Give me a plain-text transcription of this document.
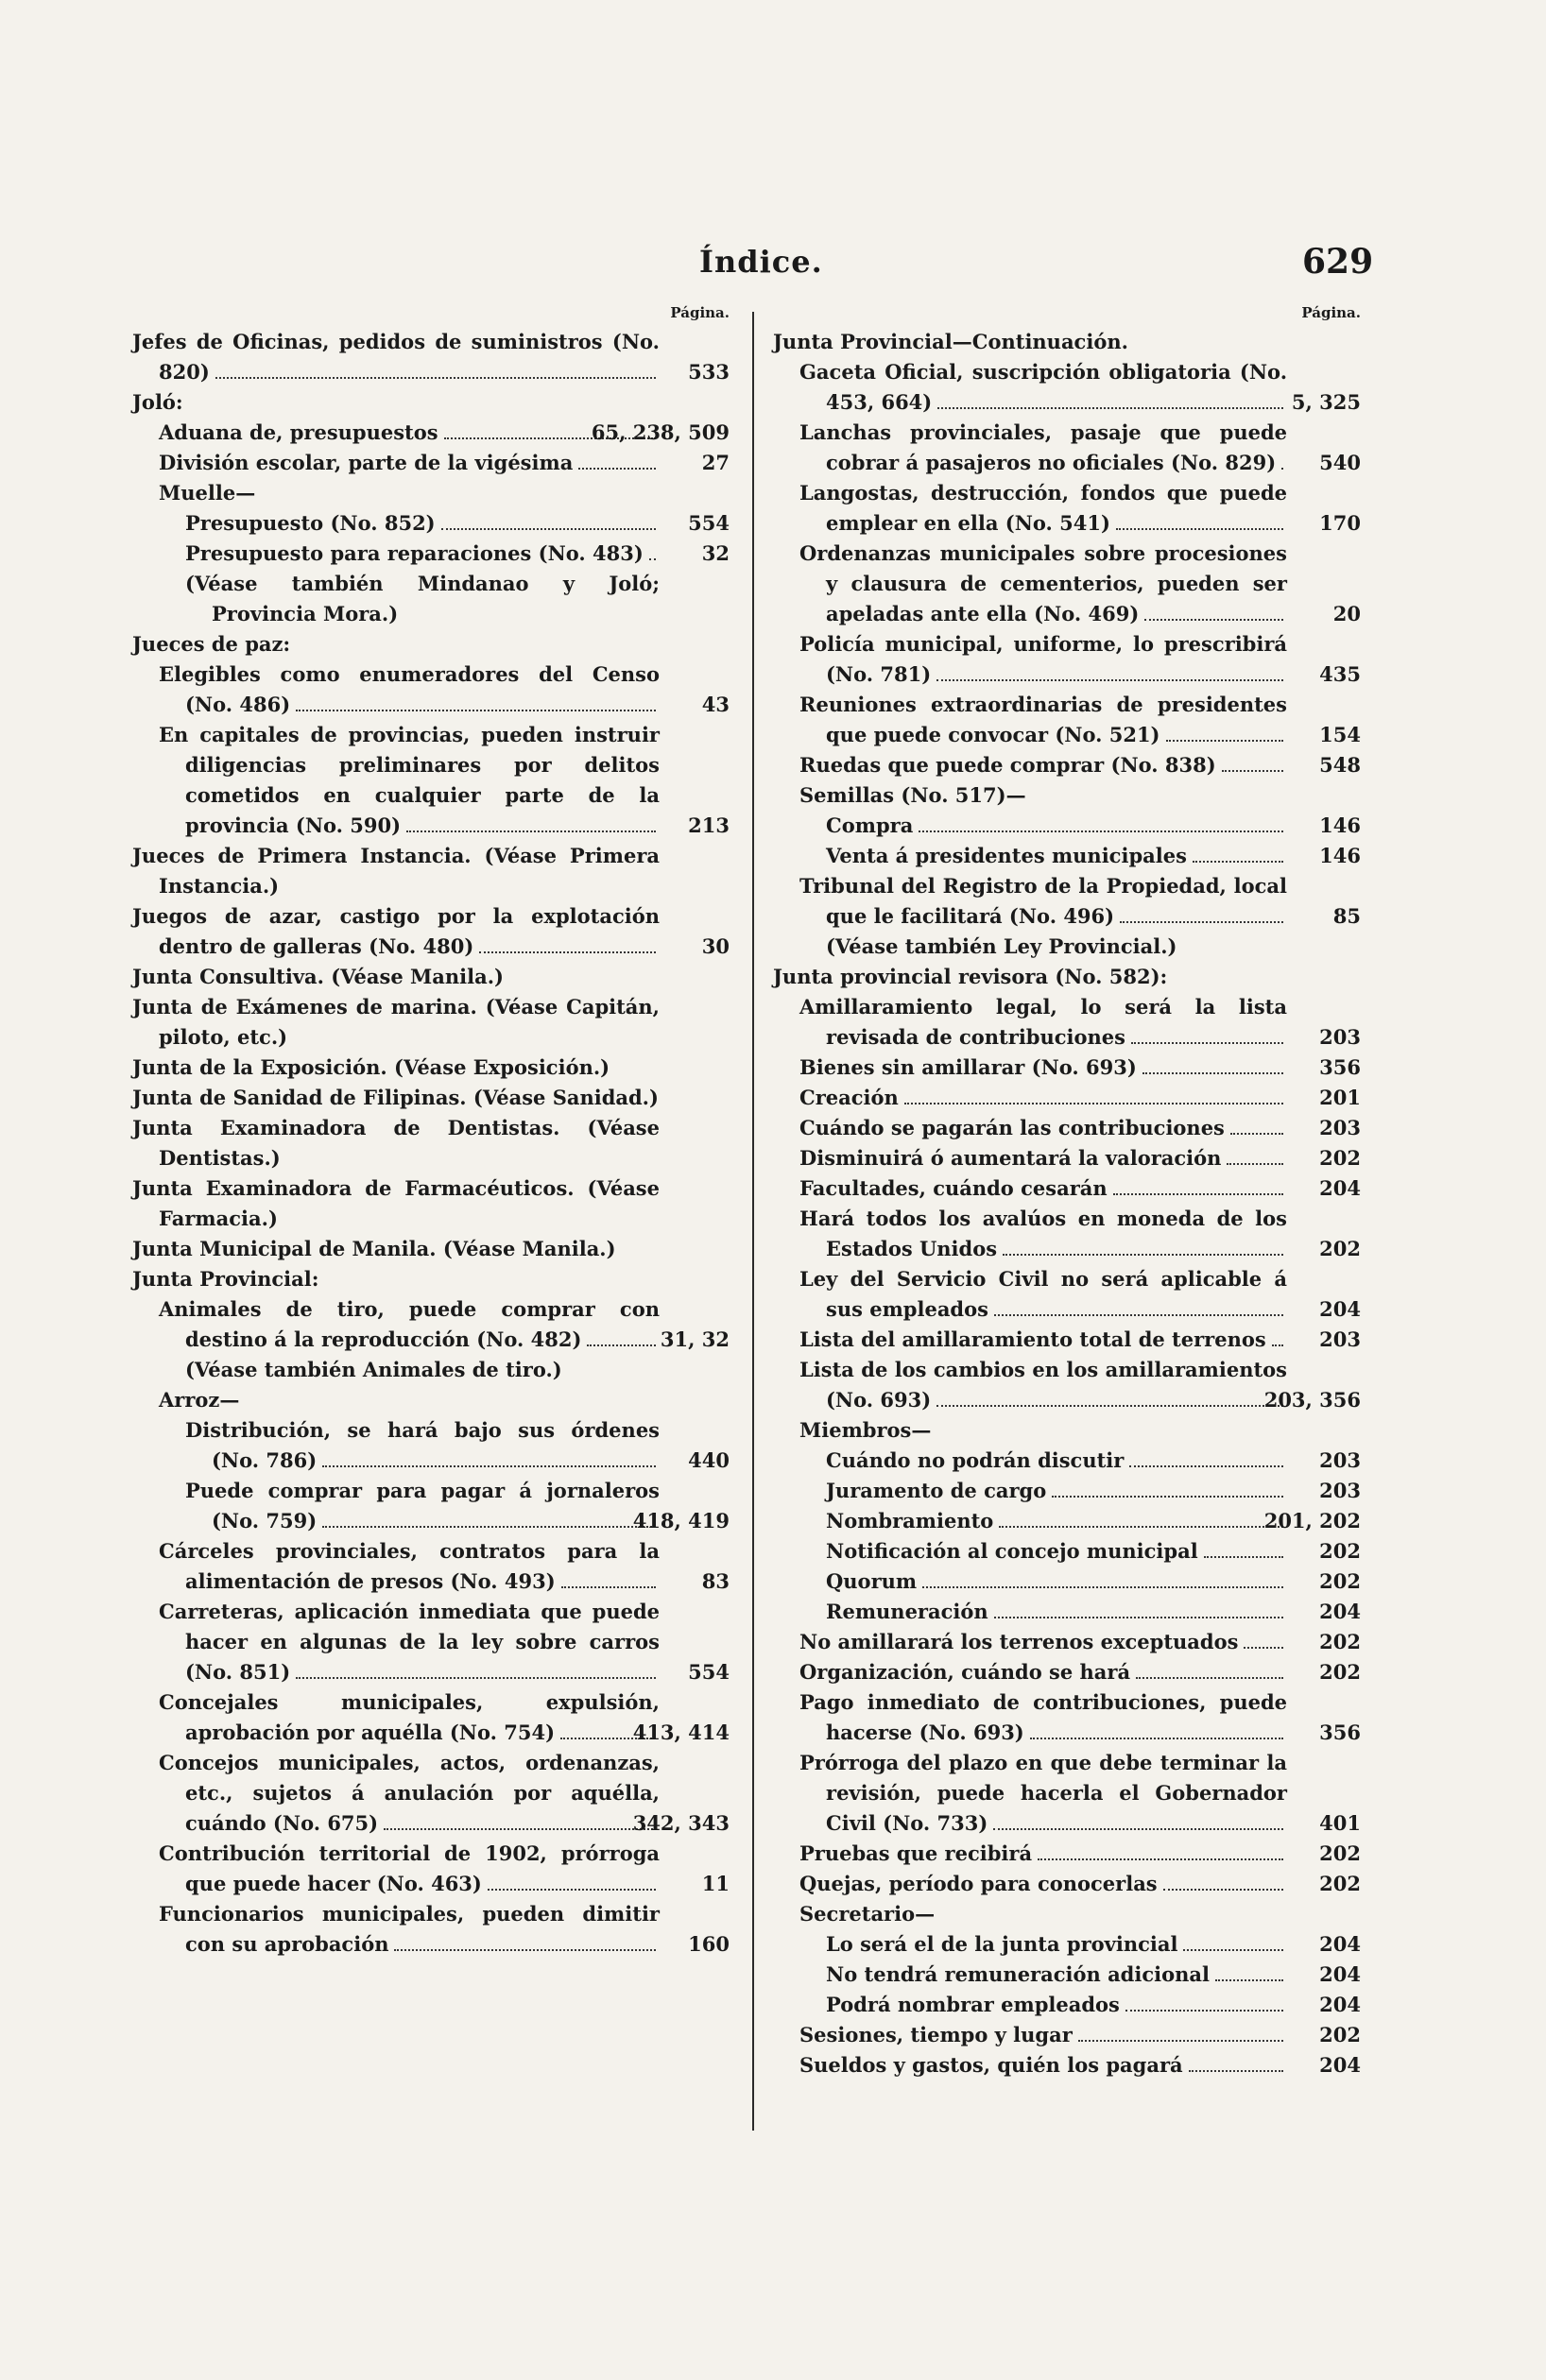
Índice.	629
Página.
Jefes de Oficinas, pedidos de suministros (No. 820)	533
Joló:
Aduana de, presupuestos	65, 238, 509
División escolar, parte de la vigésima	27
Muelle—
Presupuesto (No. 852)	554
Presupuesto para reparaciones (No. 483)	32
(Véase también Mindanao y Joló; Provincia Mora.)
Jueces de paz:
Elegibles como enumeradores del Censo (No. 486)	43
En capitales de provincias, pueden instruir diligencias preliminares por delitos cometidos en cualquier parte de la provincia (No. 590)	213
Jueces de Primera Instancia. (Véase Primera Instancia.)
Juegos de azar, castigo por la explotación dentro de galleras (No. 480)	30
Junta Consultiva. (Véase Manila.)
Junta de Exámenes de marina. (Véase Capitán, piloto, etc.)
Junta de la Exposición. (Véase Exposición.)
Junta de Sanidad de Filipinas. (Véase Sanidad.)
Junta Examinadora de Dentistas. (Véase Dentistas.)
Junta Examinadora de Farmacéuticos. (Véase Farmacia.)
Junta Municipal de Manila. (Véase Manila.)
Junta Provincial:
Animales de tiro, puede comprar con destino á la reproducción (No. 482)	31, 32
(Véase también Animales de tiro.)
Arroz—
Distribución, se hará bajo sus órdenes (No. 786)	440
Puede comprar para pagar á jornaleros (No. 759)	418, 419
Cárceles provinciales, contratos para la alimentación de presos (No. 493)	83
Carreteras, aplicación inmediata que puede hacer en algunas de la ley sobre carros (No. 851)	554
Concejales municipales, expulsión, aprobación por aquélla (No. 754)	413, 414
Concejos municipales, actos, ordenanzas, etc., sujetos á anulación por aquélla, cuándo (No. 675)	342, 343
Contribución territorial de 1902, prórroga que puede hacer (No. 463)	11
Funcionarios municipales, pueden dimitir con su aprobación	160
Página.
Junta Provincial—Continuación.
Gaceta Oficial, suscripción obligatoria (No. 453, 664)	5, 325
Lanchas provinciales, pasaje que puede cobrar á pasajeros no oficiales (No. 829) 540
Langostas, destrucción, fondos que puede emplear en ella (No. 541)	170
Ordenanzas municipales sobre procesiones y clausura de cementerios, pueden ser apeladas ante ella (No. 469)	20
Policía municipal, uniforme, lo prescribirá (No. 781)	435
Reuniones extraordinarias de presidentes que puede convocar (No. 521)	154
Ruedas que puede comprar (No. 838)	548
Semillas (No. 517)—
Compra	146
Venta á presidentes municipales	146
Tribunal del Registro de la Propiedad, local que le facilitará (No. 496)	85
(Véase también Ley Provincial.)
Junta provincial revisora (No. 582):
Amillaramiento legal, lo será la lista revisada de contribuciones	203
Bienes sin amillarar (No. 693)	356
Creación	201
Cuándo se pagarán las contribuciones	203
Disminuirá ó aumentará la valoración	202
Facultades, cuándo cesarán	204
Hará todos los avalúos en moneda de los Estados Unidos	202
Ley del Servicio Civil no será aplicable á sus empleados	204
Lista del amillaramiento total de terrenos	203
Lista de los cambios en los amillaramientos (No. 693)	203, 356
Miembros—
Cuándo no podrán discutir	203
Juramento de cargo	203
Nombramiento	201, 202
Notificación al concejo municipal	202
Quorum	202
Remuneración	204
No amillarará los terrenos exceptuados	202
Organización, cuándo se hará	202
Pago inmediato de contribuciones, puede hacerse (No. 693)	356
Prórroga del plazo en que debe terminar la revisión, puede hacerla el Gobernador Civil (No. 733)	401
Pruebas que recibirá	202
Quejas, período para conocerlas	202
Secretario—
Lo será el de la junta provincial	204
No tendrá remuneración adicional	204
Podrá nombrar empleados	204
Sesiones, tiempo y lugar	202
Sueldos y gastos, quién los pagará	204
